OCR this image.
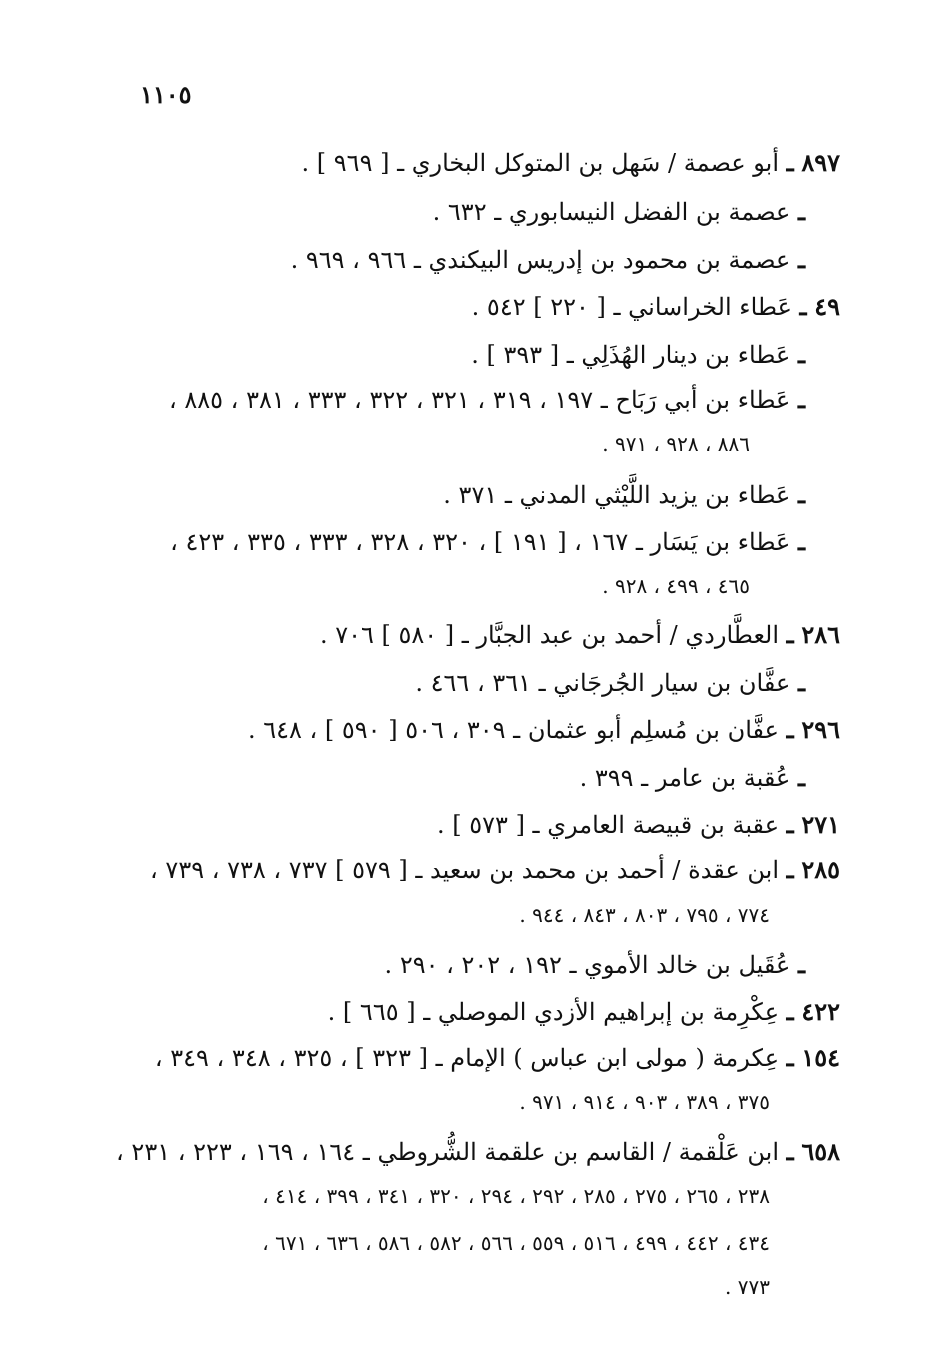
١١٠٥
٨٩٧ ـ أبو عصمة / سَهل بن المتوكل البخاري ـ [ ٩٦٩ ] .
ـ عصمة بن الفضل النيسابوري ـ ٦٣٢ .
ـ عصمة بن محمود بن إدريس البيكندي ـ ٩٦٦ ، ٩٦٩ .
٤٩ ـ عَطاء الخراساني ـ [ ٢٢٠ ] ٥٤٢ .
ـ عَطاء بن دينار الهُذَلِي ـ [ ٣٩٣ ] .
ـ عَطاء بن أبي رَبَاح ـ ١٩٧ ، ٣١٩ ، ٣٢١ ، ٣٢٢ ، ٣٣٣ ، ٣٨١ ، ٨٨٥ ،
٨٨٦ ، ٩٢٨ ، ٩٧١ .
ـ عَطاء بن يزيد اللَّيْثي المدني ـ ٣٧١ .
ـ عَطاء بن يَسَار ـ ١٦٧ ، [ ١٩١ ] ، ٣٢٠ ، ٣٢٨ ، ٣٣٣ ، ٣٣٥ ، ٤٢٣ ،
٤٦٥ ، ٤٩٩ ، ٩٢٨ .
٢٨٦ ـ العطَّاردي / أحمد بن عبد الجبَّار ـ [ ٥٨٠ ] ٧٠٦ .
ـ عفَّان بن سيار الجُرجَاني ـ ٣٦١ ، ٤٦٦ .
٢٩٦ ـ عفَّان بن مُسلِم أبو عثمان ـ ٣٠٩ ، ٥٠٦ [ ٥٩٠ ] ، ٦٤٨ .
ـ عُقبة بن عامر ـ ٣٩٩ .
٢٧١ ـ عقبة بن قبيصة العامري ـ [ ٥٧٣ ] .
٢٨٥ ـ ابن عقدة / أحمد بن محمد بن سعيد ـ [ ٥٧٩ ] ٧٣٧ ، ٧٣٨ ، ٧٣٩ ،
٧٧٤ ، ٧٩٥ ، ٨٠٣ ، ٨٤٣ ، ٩٤٤ .
ـ عُقَيل بن خالد الأموي ـ ١٩٢ ، ٢٠٢ ، ٢٩٠ .
٤٢٢ ـ عِكْرِمة بن إبراهيم الأزدي الموصلي ـ [ ٦٦٥ ] .
١٥٤ ـ عِكرمة ( مولى ابن عباس ) الإمام ـ [ ٣٢٣ ] ، ٣٢٥ ، ٣٤٨ ، ٣٤٩ ،
٣٧٥ ، ٣٨٩ ، ٩٠٣ ، ٩١٤ ، ٩٧١ .
٦٥٨ ـ ابن عَلْقمة / القاسم بن علقمة الشُّروطي ـ ١٦٤ ، ١٦٩ ، ٢٢٣ ، ٢٣١ ،
٢٣٨ ، ٢٦٥ ، ٢٧٥ ، ٢٨٥ ، ٢٩٢ ، ٢٩٤ ، ٣٢٠ ، ٣٤١ ، ٣٩٩ ، ٤١٤ ،
٤٣٤ ، ٤٤٢ ، ٤٩٩ ، ٥١٦ ، ٥٥٩ ، ٥٦٦ ، ٥٨٢ ، ٥٨٦ ، ٦٣٦ ، ٦٧١ ،
٧٧٣ .
